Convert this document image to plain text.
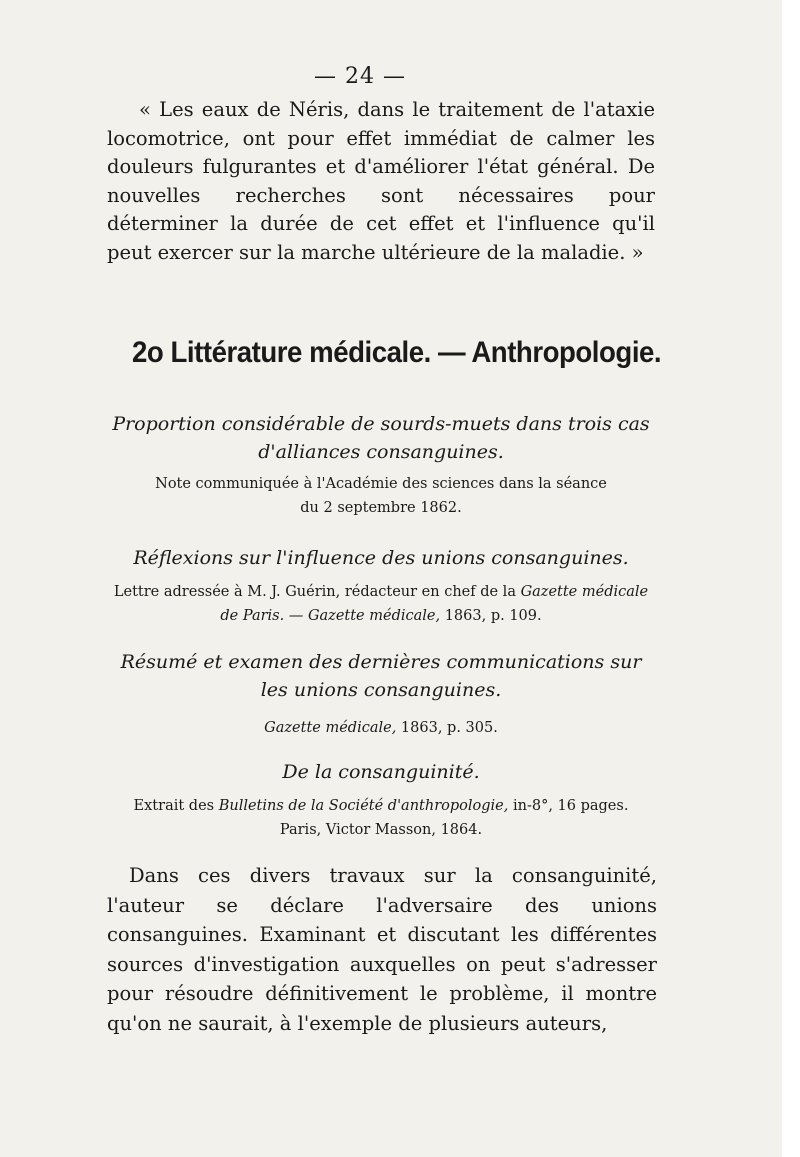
— 24 —

« Les eaux de Néris, dans le traitement de l'ataxie locomotrice, ont pour effet immédiat de calmer les douleurs fulgurantes et d'améliorer l'état général. De nouvelles recherches sont nécessaires pour déterminer la durée de cet effet et l'influence qu'il peut exercer sur la marche ultérieure de la maladie. »

2o Littérature médicale. — Anthropologie.

Proportion considérable de sourds-muets dans trois cas d'alliances consanguines.

Note communiquée à l'Académie des sciences dans la séance
du 2 septembre 1862.

Réflexions sur l'influence des unions consanguines.

Lettre adressée à M. J. Guérin, rédacteur en chef de la Gazette médicale
de Paris. — Gazette médicale, 1863, p. 109.

Résumé et examen des dernières communications sur les unions consanguines.

Gazette médicale, 1863, p. 305.

De la consanguinité.

Extrait des Bulletins de la Société d'anthropologie, in-8°, 16 pages.
Paris, Victor Masson, 1864.

Dans ces divers travaux sur la consanguinité, l'auteur se déclare l'adversaire des unions consanguines. Examinant et discutant les différentes sources d'investigation auxquelles on peut s'adresser pour résoudre définitivement le problème, il montre qu'on ne saurait, à l'exemple de plusieurs auteurs,
